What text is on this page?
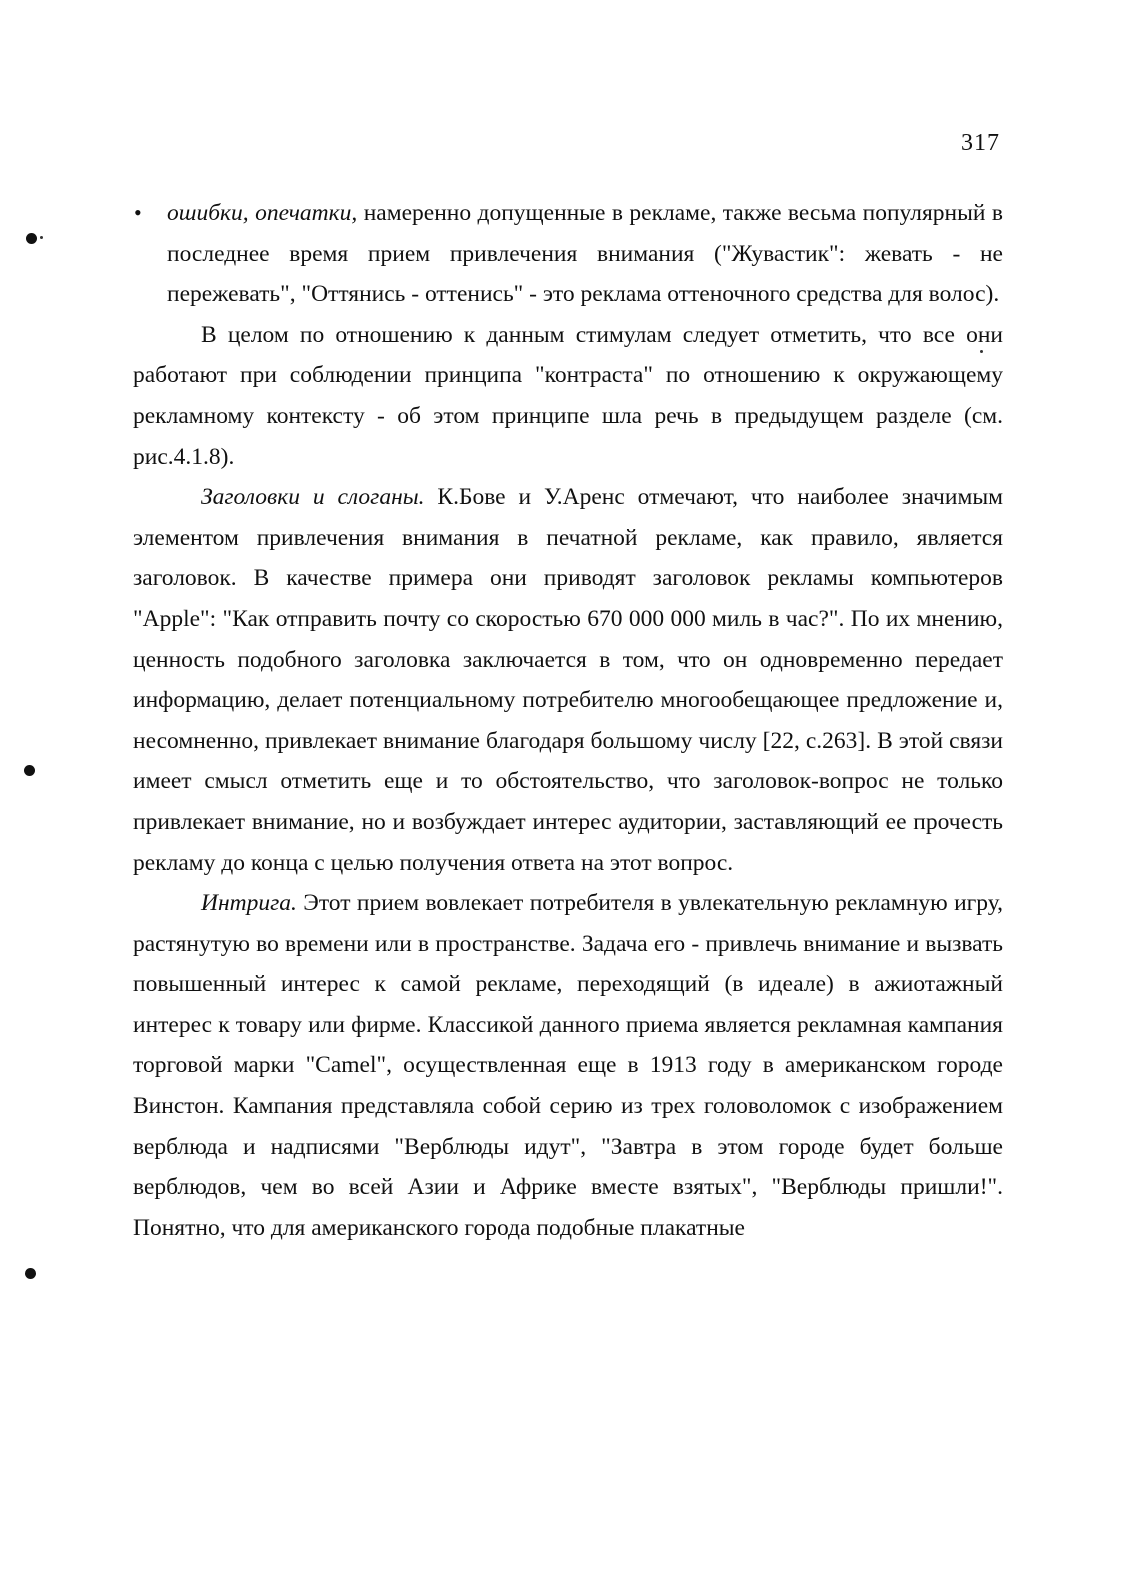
317

• ошибки, опечатки, намеренно допущенные в рекламе, также весьма популярный в последнее время прием привлечения внимания ("Жувастик": жевать - не пережевать", "Оттянись - оттенись" - это реклама оттеночного средства для волос).

В целом по отношению к данным стимулам следует отметить, что все они работают при соблюдении принципа "контраста" по отношению к окружающему рекламному контексту - об этом принципе шла речь в предыдущем разделе (см. рис.4.1.8).

Заголовки и слоганы. К.Бове и У.Аренс отмечают, что наиболее значимым элементом привлечения внимания в печатной рекламе, как правило, является заголовок. В качестве примера они приводят заголовок рекламы компьютеров "Apple": "Как отправить почту со скоростью 670 000 000 миль в час?". По их мнению, ценность подобного заголовка заключается в том, что он одновременно передает информацию, делает потенциальному потребителю многообещающее предложение и, несомненно, привлекает внимание благодаря большому числу [22, с.263]. В этой связи имеет смысл отметить еще и то обстоятельство, что заголовок-вопрос не только привлекает внимание, но и возбуждает интерес аудитории, заставляющий ее прочесть рекламу до конца с целью получения ответа на этот вопрос.

Интрига. Этот прием вовлекает потребителя в увлекательную рекламную игру, растянутую во времени или в пространстве. Задача его - привлечь внимание и вызвать повышенный интерес к самой рекламе, переходящий (в идеале) в ажиотажный интерес к товару или фирме. Классикой данного приема является рекламная кампания торговой марки "Camel", осуществленная еще в 1913 году в американском городе Винстон. Кампания представляла собой серию из трех головоломок с изображением верблюда и надписями "Верблюды идут", "Завтра в этом городе будет больше верблюдов, чем во всей Азии и Африке вместе взятых", "Верблюды пришли!". Понятно, что для американского города подобные плакатные
